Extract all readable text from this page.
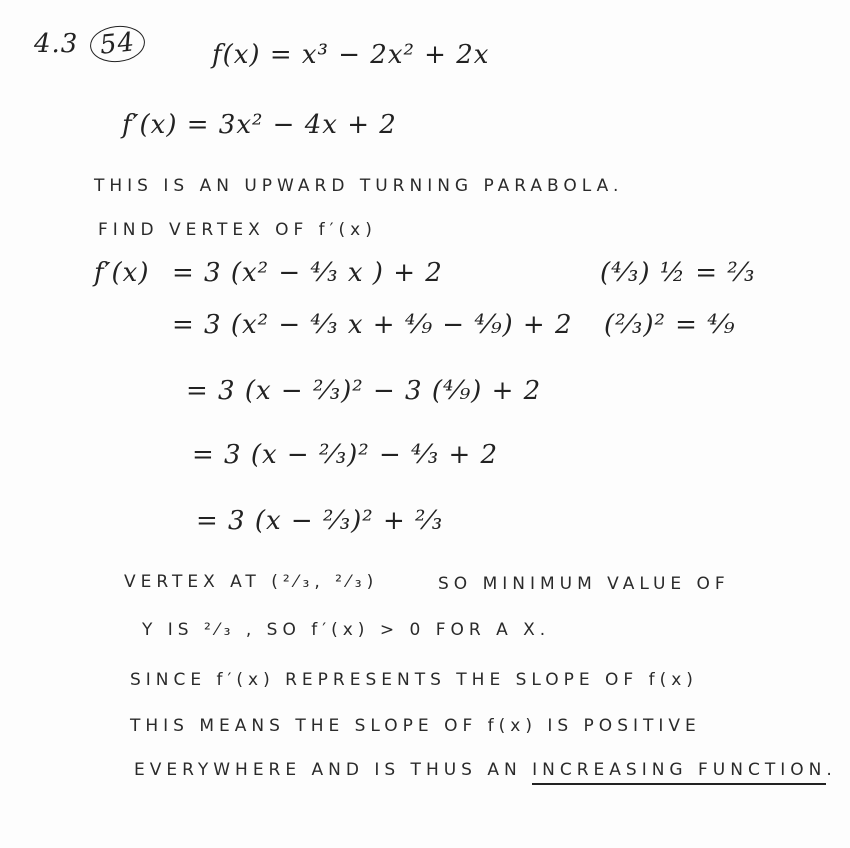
4.3 54	f(x) = x³ − 2x² + 2x
f′(x) = 3x² − 4x + 2
THIS IS AN UPWARD TURNING PARABOLA.
FIND VERTEX OF f′(x)
f′(x) = 3 (x² − ⁴⁄₃ x ) + 2
= 3 (x² − ⁴⁄₃ x + ⁴⁄₉ − ⁴⁄₉) + 2
(⁴⁄₃) ½ = ²⁄₃
(²⁄₃)² = ⁴⁄₉
= 3 (x − ²⁄₃)² − 3 (⁴⁄₉) + 2
= 3 (x − ²⁄₃)² − ⁴⁄₃ + 2
= 3 (x − ²⁄₃)² + ²⁄₃
VERTEX AT (²⁄₃, ²⁄₃)	SO MINIMUM VALUE OF
Y IS ²⁄₃ , SO f′(x) > 0 FOR A X.
SINCE f′(x) REPRESENTS THE SLOPE OF f(x)
THIS MEANS THE SLOPE OF f(x) IS POSITIVE
EVERYWHERE AND IS THUS AN INCREASING FUNCTION.
